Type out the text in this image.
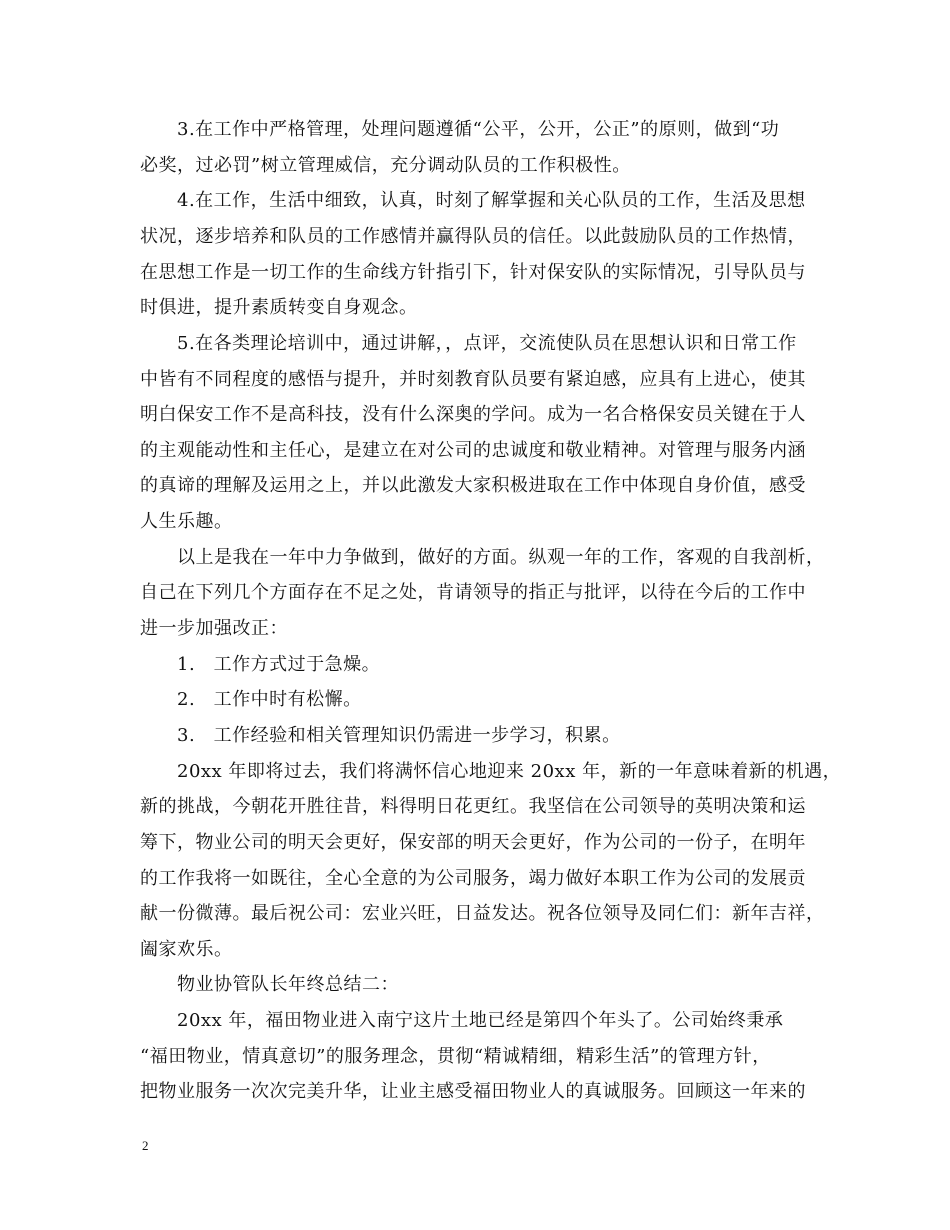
　　3.在工作中严格管理，处理问题遵循“公平，公开，公正”的原则，做到“功
必奖，过必罚”树立管理威信，充分调动队员的工作积极性。
　　4.在工作，生活中细致，认真，时刻了解掌握和关心队员的工作，生活及思想
状况，逐步培养和队员的工作感情并赢得队员的信任。以此鼓励队员的工作热情，
在思想工作是一切工作的生命线方针指引下，针对保安队的实际情况，引导队员与
时俱进，提升素质转变自身观念。
　　5.在各类理论培训中，通过讲解，，点评，交流使队员在思想认识和日常工作
中皆有不同程度的感悟与提升，并时刻教育队员要有紧迫感，应具有上进心，使其
明白保安工作不是高科技，没有什么深奥的学问。成为一名合格保安员关键在于人
的主观能动性和主任心，是建立在对公司的忠诚度和敬业精神。对管理与服务内涵
的真谛的理解及运用之上，并以此激发大家积极进取在工作中体现自身价值，感受
人生乐趣。
　　以上是我在一年中力争做到，做好的方面。纵观一年的工作，客观的自我剖析，
自己在下列几个方面存在不足之处，肯请领导的指正与批评，以待在今后的工作中
进一步加强改正：
　　1.　工作方式过于急燥。
　　2.　工作中时有松懈。
　　3.　工作经验和相关管理知识仍需进一步学习，积累。
　　20xx 年即将过去，我们将满怀信心地迎来 20xx 年，新的一年意味着新的机遇，
新的挑战，今朝花开胜往昔，料得明日花更红。我坚信在公司领导的英明决策和运
筹下，物业公司的明天会更好，保安部的明天会更好，作为公司的一份子，在明年
的工作我将一如既往，全心全意的为公司服务，竭力做好本职工作为公司的发展贡
献一份微薄。最后祝公司：宏业兴旺，日益发达。祝各位领导及同仁们：新年吉祥，
阖家欢乐。
　　物业协管队长年终总结二：
　　20xx 年，福田物业进入南宁这片土地已经是第四个年头了。公司始终秉承
“福田物业，情真意切”的服务理念，贯彻“精诚精细，精彩生活”的管理方针，
把物业服务一次次完美升华，让业主感受福田物业人的真诚服务。回顾这一年来的
2
